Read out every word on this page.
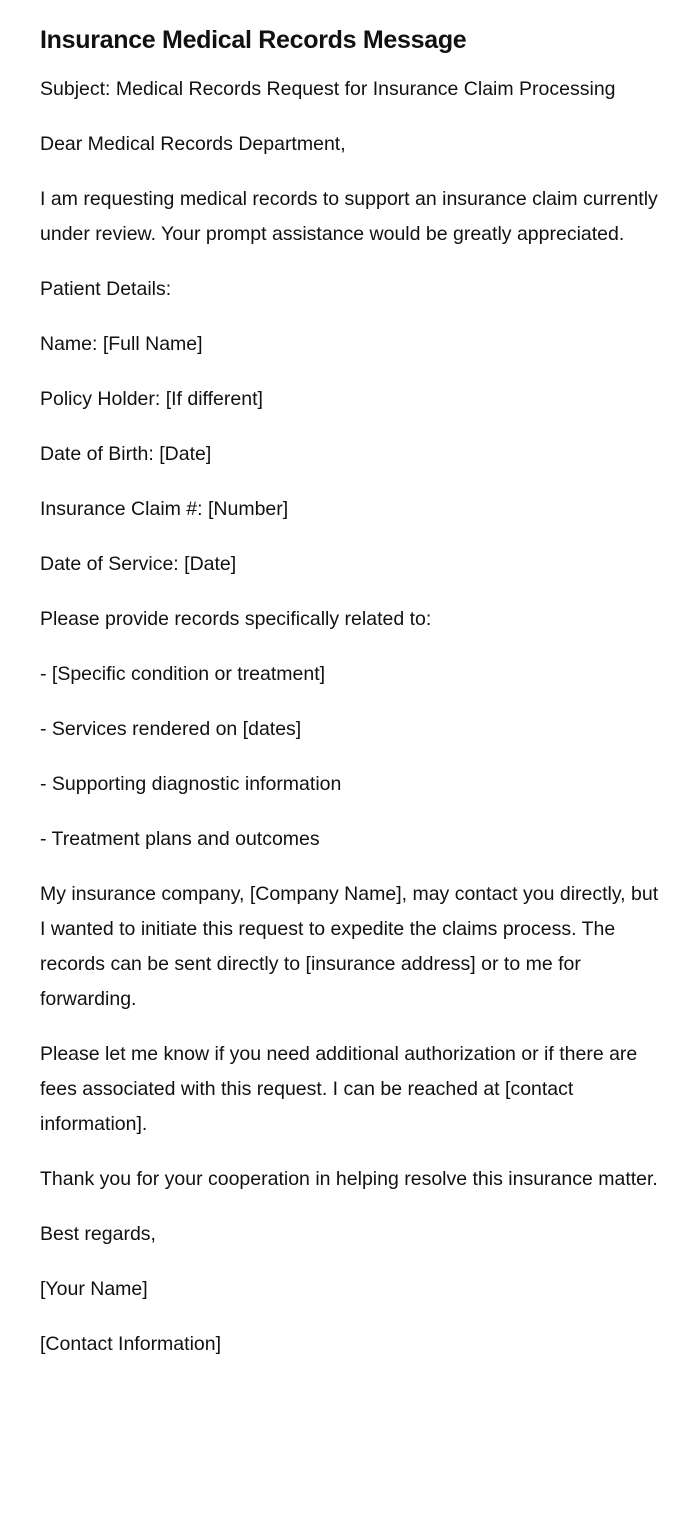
Insurance Medical Records Message

Subject: Medical Records Request for Insurance Claim Processing

Dear Medical Records Department,

I am requesting medical records to support an insurance claim currently under review. Your prompt assistance would be greatly appreciated.

Patient Details:

Name: [Full Name]

Policy Holder: [If different]

Date of Birth: [Date]

Insurance Claim #: [Number]

Date of Service: [Date]

Please provide records specifically related to:

- [Specific condition or treatment]

- Services rendered on [dates]

- Supporting diagnostic information

- Treatment plans and outcomes

My insurance company, [Company Name], may contact you directly, but I wanted to initiate this request to expedite the claims process. The records can be sent directly to [insurance address] or to me for forwarding.

Please let me know if you need additional authorization or if there are fees associated with this request. I can be reached at [contact information].

Thank you for your cooperation in helping resolve this insurance matter.

Best regards,

[Your Name]

[Contact Information]
